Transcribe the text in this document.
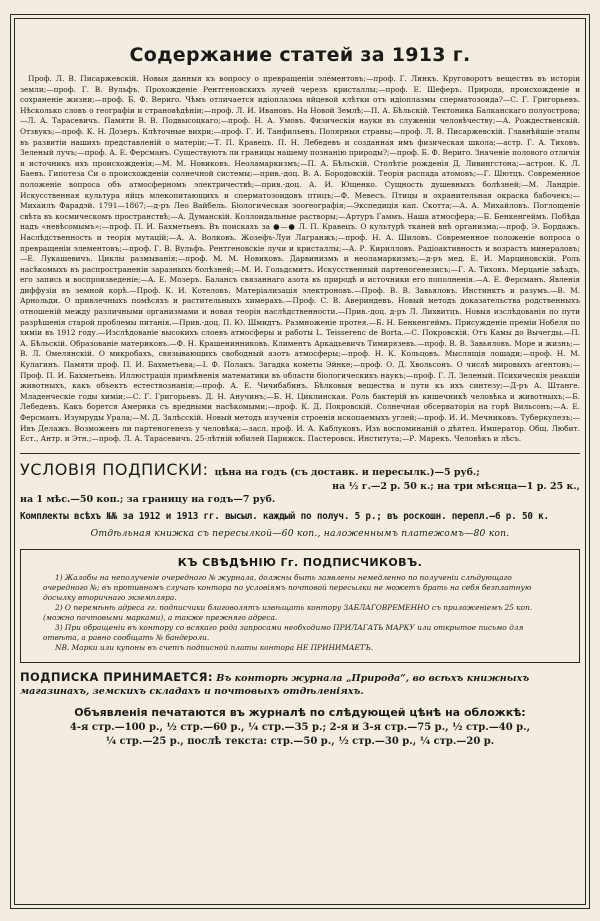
Содержание статей за 1913 г.

Проф. Л. В. Писаржевскій. Новыя данныя къ вопросу о превращеніи элементовъ;—проф. Г. Линкъ. Круговоротъ веществъ въ исторіи земли;—проф. Г. В. Вульфъ. Прохожденіе Рентгеновскихъ лучей черезъ кристаллы;—проф. Е. Шеферъ. Природа, происхожденіе и сохраненіе жизни;—проф. Б. Ф. Веригo. Чѣмъ отличается идіоплазма яйцевой клѣтки отъ идіоплазмы сперматозоида?—С. Г. Григорьевъ. Нѣсколько словъ о географіи и страновѣдѣніи;—проф. Л. И. Ивановъ. На Новой Землѣ;—П. А. Бѣльскій. Тектоника Балканскаго полуострова;—Л. А. Тарасевичъ. Памяти В. В. Подвысоцкаго;—проф. Н. А. Умовъ. Физическія науки въ служеніи человѣчеству;—А. Рождественскій. Отзвукъ;—проф. К. Н. Дозеръ. Клѣточные вихри;—проф. Г. И. Танфильевъ. Полярныя страны;—проф. Л. В. Писаржевскій. Главнѣйшіе этапы въ развитіи нашихъ представленій о матеріи;—Т. П. Кравецъ. П. Н. Лебедевъ и созданная имъ физическая школа;—астр. Г. А. Тиховъ. Зеленый лучъ;—проф. А. Е. Ферсманъ. Существуютъ ли границы нашему познанію природы?;—проф. Б. Ф. Веригo. Значеніе полового отличія и источникъ ихъ происхожденія;—М. М. Новиковъ. Неоламаркизмъ;—П. А. Бѣльскій. Столѣтіе рожденія Д. Ливингстона;—астрон. К. Л. Баевъ. Гипотеза Си о происхожденіи солнечной системы;—прив.-доц. В. А. Бородовскій. Теорія распада атомовъ;—Г. Шютцъ. Современное положеніе вопроса объ атмосферномъ электричествѣ;—прив.-доц. А. И. Ющенко. Сущность душевныхъ болѣзней;—М. Ландріе. Искусственная культура яйцъ млекопитающихъ и сперматозоидовъ птицъ;—Ф. Мевесъ. Птицы и охранительная окраска бабочекъ;—Михаилъ Фарадэй. 1791—1867;—д-ръ Лео Вайбель. Біологическая зоогеографія;—Экспедиція кап. Скотта;—А. А. Михайловъ. Поглощеніе свѣта въ космическомъ пространствѣ;—А. Думанскій. Коллоидальные растворы;—Артуръ Гаммъ. Наша атмосфера;—Б. Бенкенгеймъ. Побѣда надъ «невѣсомымъ»;—проф. П. И. Бахметьевъ. Въ поискахъ за ●—● Л. П. Кравецъ. О культурѣ тканей внѣ организма;—проф. Э. Бордажъ. Наслѣдственность и теорія мутацій;—А. А. Волковъ. Жозефъ-Луи Лагранжъ;—проф. Н. А. Шиловъ. Современное положеніе вопроса о превращеніи элементовъ;—проф. Г. В. Вульфъ. Рентгеновскіе лучи и кристаллы;—А. Р. Кирилловъ. Радіоактивность и возрастъ минераловъ;—Е. Лукашевичъ. Циклы размыванія;—проф. М. М. Новиковъ. Дарвинизмъ и неоламаркизмъ;—д-ръ мед. Е. И. Марциновскій. Роль насѣкомыхъ въ распространеніи заразныхъ болѣзней;—М. И. Гольдсмитъ. Искусственный партеногенезисъ;—Г. А. Тиховъ. Мерцаніе звѣздъ, его запись и воспроизведеніе;—А. Е. Мозеръ. Балансъ связаннаго азота въ природѣ и источники его пополненія.—А. Е. Ферсманъ. Явленія диффузіи въ земной корѣ.—Проф. К. И. Котеловъ. Матеріализація электроновъ.—Проф. В. В. Завьяловъ. Инстинктъ и разумъ.—В. М. Арнольди. О привлечныхъ помѣсяхъ и растительныхъ химерахъ.—Проф. С. В. Авериндевъ. Новый методъ доказательства родственныхъ отношеній между различными организмами и новая теорія наслѣдственности.—Прив.-доц. д-ръ Л. Лихвитцъ. Новыя изслѣдованія по пути разрѣшенія старой проблемы питанія.—Прив.-доц. П. Ю. Шмидтъ. Размноженіе протея.—Б. Н. Бенкенгеймъ. Присужденіе преміи Нобеля по химіи въ 1912 году.—Изслѣдованіе высокихъ слоевъ атмосферы и работы L. Teisserenc de Borta.—С. Покровскій. Отъ Камы до Вычегды.—П. А. Бѣльскій. Образованіе материковъ.—Ф. Н. Крашенинниковъ. Климентъ Аркадьевичъ Тимирязевъ.—проф. В. В. Завьяловъ. Море и жизнь;—В. Л. Омелянскій. О микробахъ, связывающихъ свободный азотъ атмосферы;—проф. Н. К. Кольцовъ. Мыслящія лошади;—проф. Н. М. Кулагинъ. Памяти проф. П. И. Бахметьева;—I. Ф. Полакъ. Загадка кометы Эйнке;—проф. О. Д. Хвольсонъ. О числѣ мировыхъ агентовъ;—Проф. П. И. Бахметьевъ. Иллюстрація примѣненія математики въ области біологическихъ наукъ;—проф. Г. Л. Зеленый. Психическія реакціи животныхъ, какъ объектъ естествознанія;—проф. А. Е. Чичибабинъ. Бѣлковыя вещества и пути къ ихъ синтезу;—Д-ръ А. Штанге. Младенческіе годы химіи;—С. Г. Григорьевъ. Д. Н. Анучинъ;—Б. Н. Циклинская. Роль бактерій въ кишечникѣ человѣка и животныхъ;—Б. Лебедевъ. Какъ борется Америка съ вредными насѣкомыми;—проф. К. Д. Покровскій. Солнечная обсерваторія на горѣ Вильсонъ;—А. Е. Ферсманъ. Изумруды Урала;—М. Д. Залѣсскій. Новый методъ изученія строенія ископаемыхъ углей;—проф. И. И. Мечниковъ. Туберкулезъ;—Ивъ Делажъ. Возможенъ ли партеногенезъ у человѣка;—засл. проф. И. А. Каблуковъ. Изъ воспоминаній о дѣятел. Император. Общ. Любит. Ест., Антр. и Этн.;—проф. Л. А. Тарасевичъ. 25-лѣтній юбилей Парижск. Пастеровск. Института;—Р. Марекъ. Человѣкъ и лѣсъ.

УСЛОВІЯ ПОДПИСКИ: цѣна на годъ (съ доставк. и пересылк.)—5 руб.;
на ½ г.—2 р. 50 к.; на три мѣсяца—1 р. 25 к.,
на 1 мѣс.—50 коп.; за границу на годъ—7 руб.
Комплекты всѣхъ №№ за 1912 и 1913 гг. высыл. каждый по получ. 5 р.; въ роскошн. перепл.—6 р. 50 к.
Отдѣльная книжка съ пересылкой—60 коп., наложеннымъ платежомъ—80 коп.
КЪ СВѢДѢНІЮ Гг. ПОДПИСЧИКОВЪ.

1) Жалобы на неполученіе очередного № журнала, должны быть заявлены немедленно по полученіи слѣдующаго очередного №; въ противномъ случаѣ контора по условіямъ почтовой пересылки не можетъ брать на себя безплатную досылку вторичнаго экземпляра.

2) О перемѣнѣ адреса гг. подписчики благоволятъ извѣщать контору ЗАБЛАГОВРЕМЕННО съ приложеніемъ 25 коп. (можно почтовыми марками), а также прежняго адреса.

3) При обращеніи въ контору со всякаго рода запросами необходимо ПРИЛАГАТЬ МАРКУ или открытое письмо для отвѣта, а равно сообщать № бандероли.

NB. Марки или купоны въ счетъ подписной платы контора НЕ ПРИНИМАЕТЪ.

ПОДПИСКА ПРИНИМАЕТСЯ: Въ конторѣ журнала „Природа“, во всѣхъ книжныхъ магазинахъ, земскихъ складахъ и почтовыхъ отдѣленіяхъ.
Объявленія печатаются въ журналѣ по слѣдующей цѣнѣ на обложкѣ:
4-я стр.—100 р., ½ стр.—60 р., ¼ стр.—35 р.; 2-я и 3-я стр.—75 р., ½ стр.—40 р.,
¼ стр.—25 р., послѣ текста: стр.—50 р., ½ стр.—30 р., ¼ стр.—20 р.
